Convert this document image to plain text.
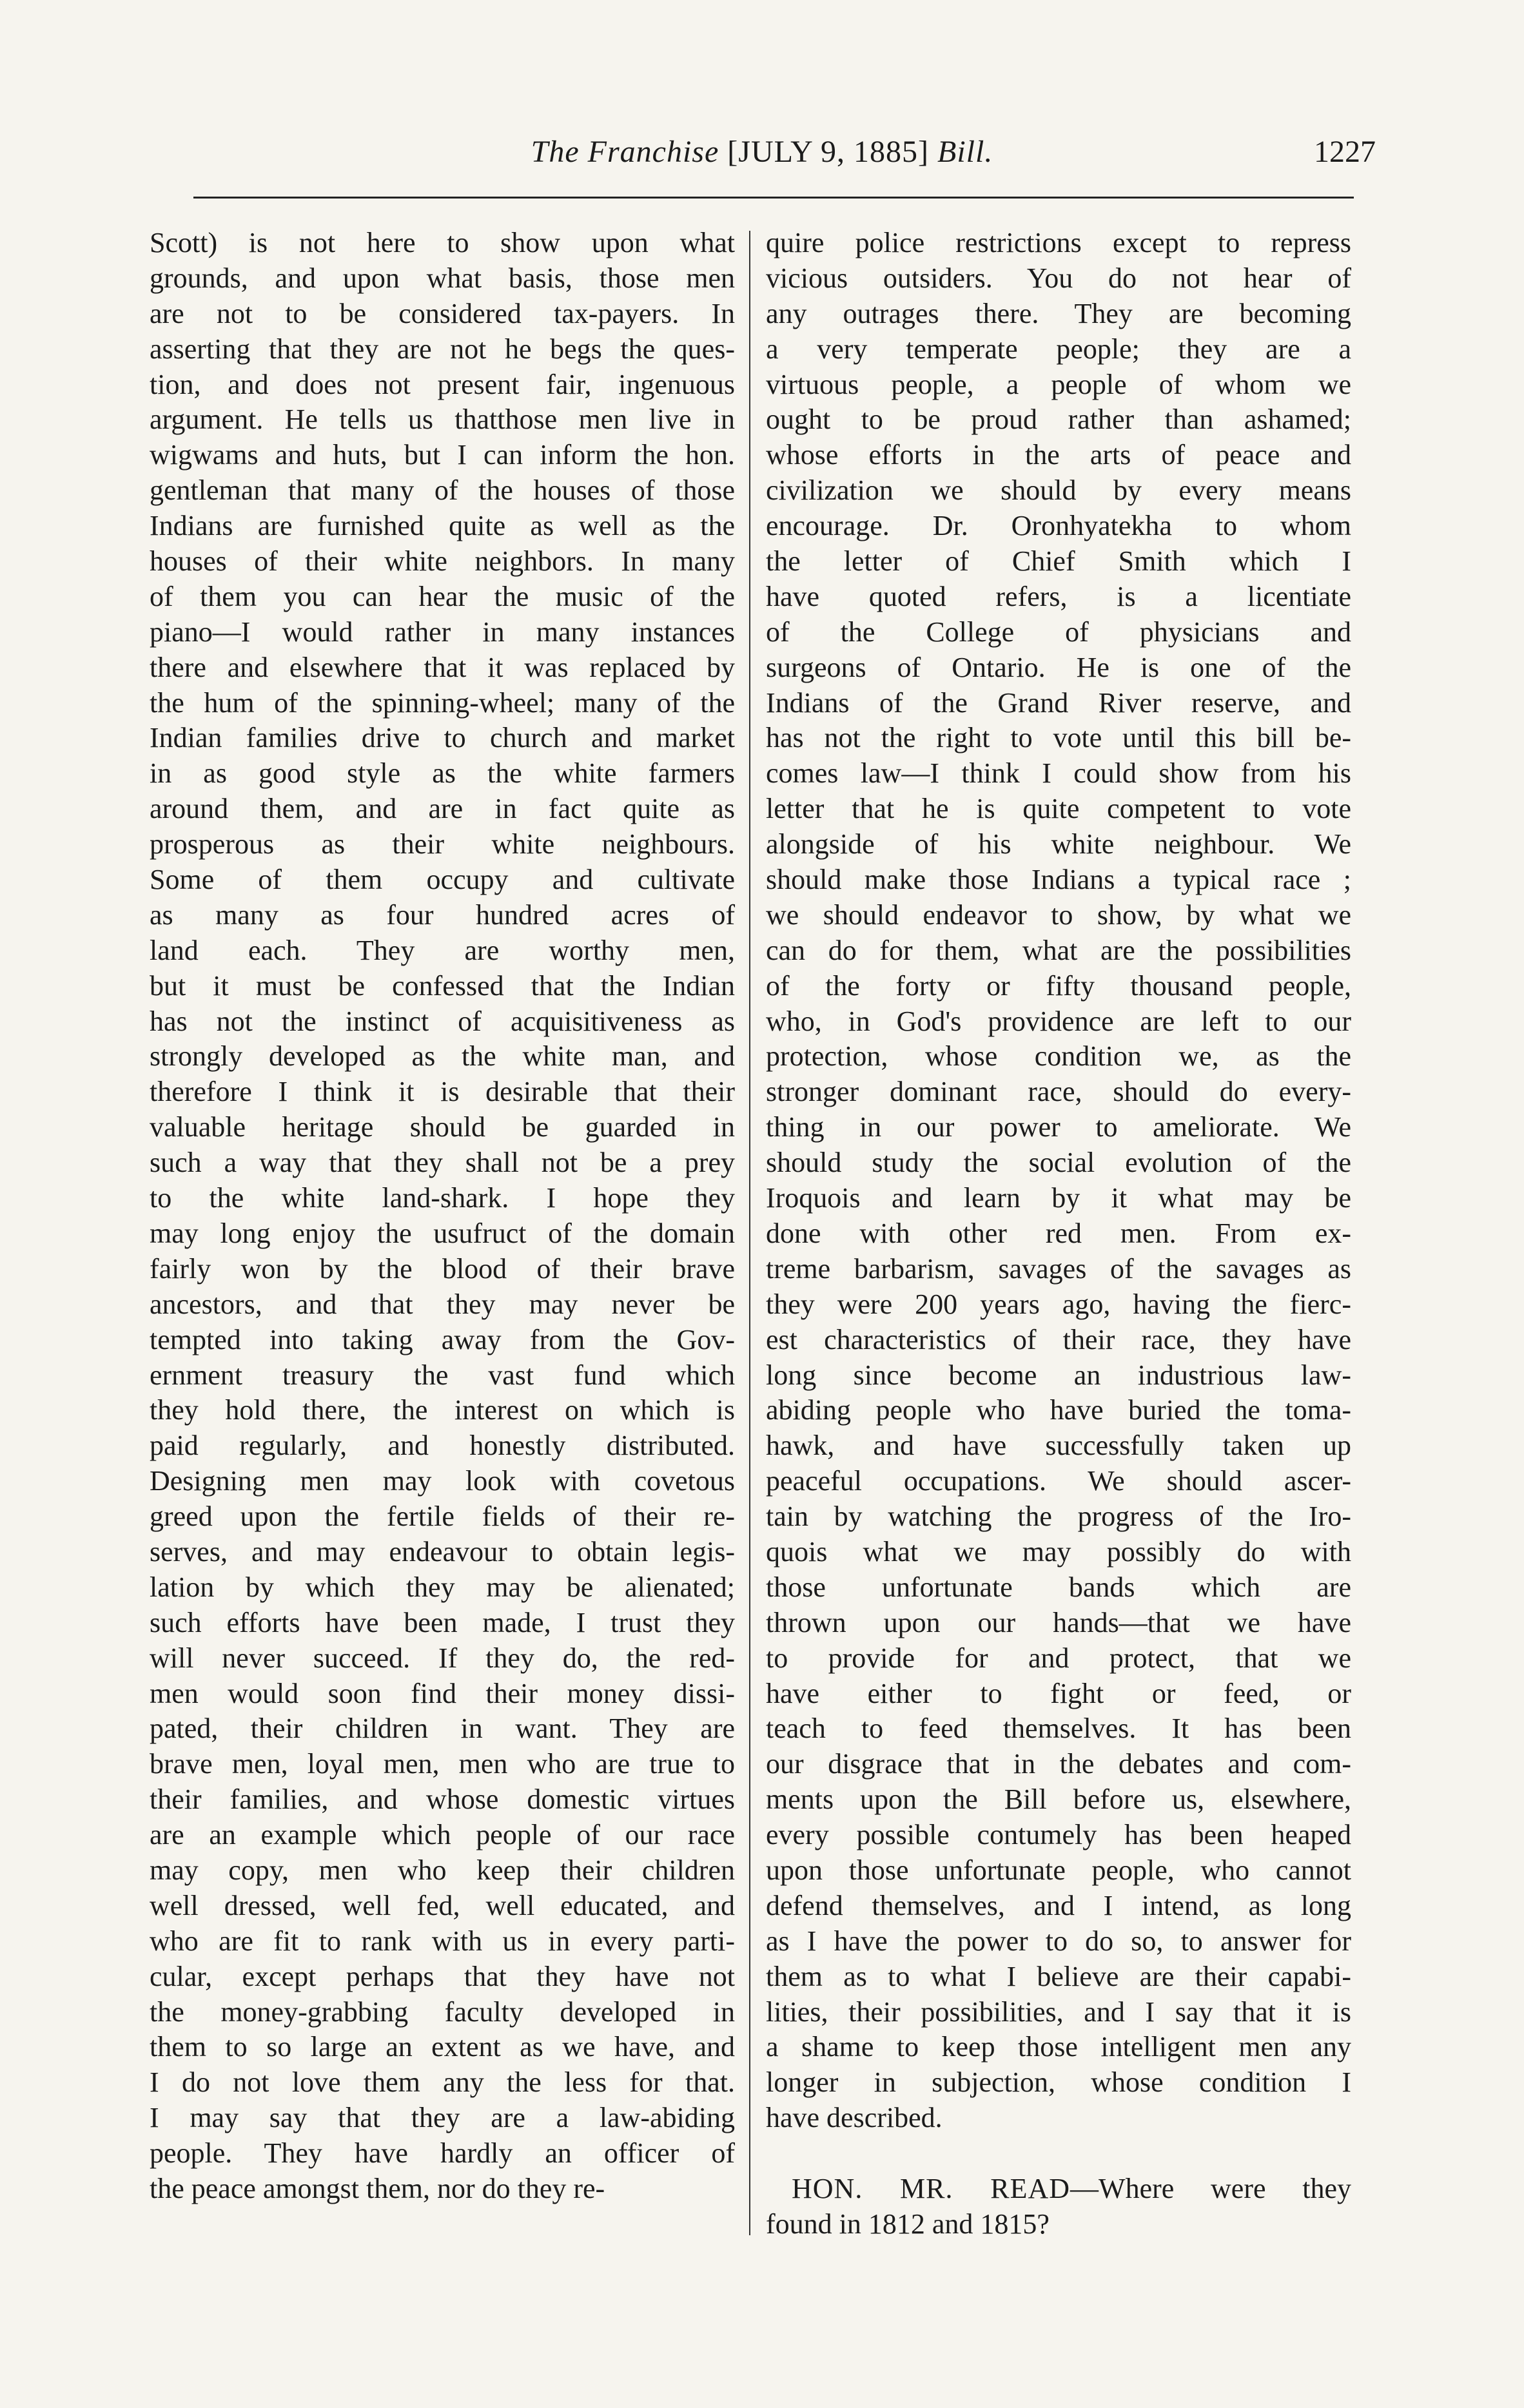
The Franchise [JULY 9, 1885] Bill.	1227
Scott) is not here to show upon what
grounds, and upon what basis, those men
are not to be considered tax-payers. In
asserting that they are not he begs the ques-
tion, and does not present fair, ingenuous
argument. He tells us thatthose men live in
wigwams and huts, but I can inform the hon.
gentleman that many of the houses of those
Indians are furnished quite as well as the
houses of their white neighbors. In many
of them you can hear the music of the
piano—I would rather in many instances
there and elsewhere that it was replaced by
the hum of the spinning-wheel; many of the
Indian families drive to church and market
in as good style as the white farmers
around them, and are in fact quite as
prosperous as their white neighbours.
Some of them occupy and cultivate
as many as four hundred acres of
land each. They are worthy men,
but it must be confessed that the Indian
has not the instinct of acquisitiveness as
strongly developed as the white man, and
therefore I think it is desirable that their
valuable heritage should be guarded in
such a way that they shall not be a prey
to the white land-shark. I hope they
may long enjoy the usufruct of the domain
fairly won by the blood of their brave
ancestors, and that they may never be
tempted into taking away from the Gov-
ernment treasury the vast fund which
they hold there, the interest on which is
paid regularly, and honestly distributed.
Designing men may look with covetous
greed upon the fertile fields of their re-
serves, and may endeavour to obtain legis-
lation by which they may be alienated;
such efforts have been made, I trust they
will never succeed. If they do, the red-
men would soon find their money dissi-
pated, their children in want. They are
brave men, loyal men, men who are true to
their families, and whose domestic virtues
are an example which people of our race
may copy, men who keep their children
well dressed, well fed, well educated, and
who are fit to rank with us in every parti-
cular, except perhaps that they have not
the money-grabbing faculty developed in
them to so large an extent as we have, and
I do not love them any the less for that.
I may say that they are a law-abiding
people. They have hardly an officer of
the peace amongst them, nor do they re-
quire police restrictions except to repress
vicious outsiders. You do not hear of
any outrages there. They are becoming
a very temperate people; they are a
virtuous people, a people of whom we
ought to be proud rather than ashamed;
whose efforts in the arts of peace and
civilization we should by every means
encourage. Dr. Oronhyatekha to whom
the letter of Chief Smith which I
have quoted refers, is a licentiate
of the College of physicians and
surgeons of Ontario. He is one of the
Indians of the Grand River reserve, and
has not the right to vote until this bill be-
comes law—I think I could show from his
letter that he is quite competent to vote
alongside of his white neighbour. We
should make those Indians a typical race ;
we should endeavor to show, by what we
can do for them, what are the possibilities
of the forty or fifty thousand people,
who, in God's providence are left to our
protection, whose condition we, as the
stronger dominant race, should do every-
thing in our power to ameliorate. We
should study the social evolution of the
Iroquois and learn by it what may be
done with other red men. From ex-
treme barbarism, savages of the savages as
they were 200 years ago, having the fierc-
est characteristics of their race, they have
long since become an industrious law-
abiding people who have buried the toma-
hawk, and have successfully taken up
peaceful occupations. We should ascer-
tain by watching the progress of the Iro-
quois what we may possibly do with
those unfortunate bands which are
thrown upon our hands—that we have
to provide for and protect, that we
have either to fight or feed, or
teach to feed themselves. It has been
our disgrace that in the debates and com-
ments upon the Bill before us, elsewhere,
every possible contumely has been heaped
upon those unfortunate people, who cannot
defend themselves, and I intend, as long
as I have the power to do so, to answer for
them as to what I believe are their capabi-
lities, their possibilities, and I say that it is
a shame to keep those intelligent men any
longer in subjection, whose condition I
have described.
HON. MR. READ—Where were they
found in 1812 and 1815?
